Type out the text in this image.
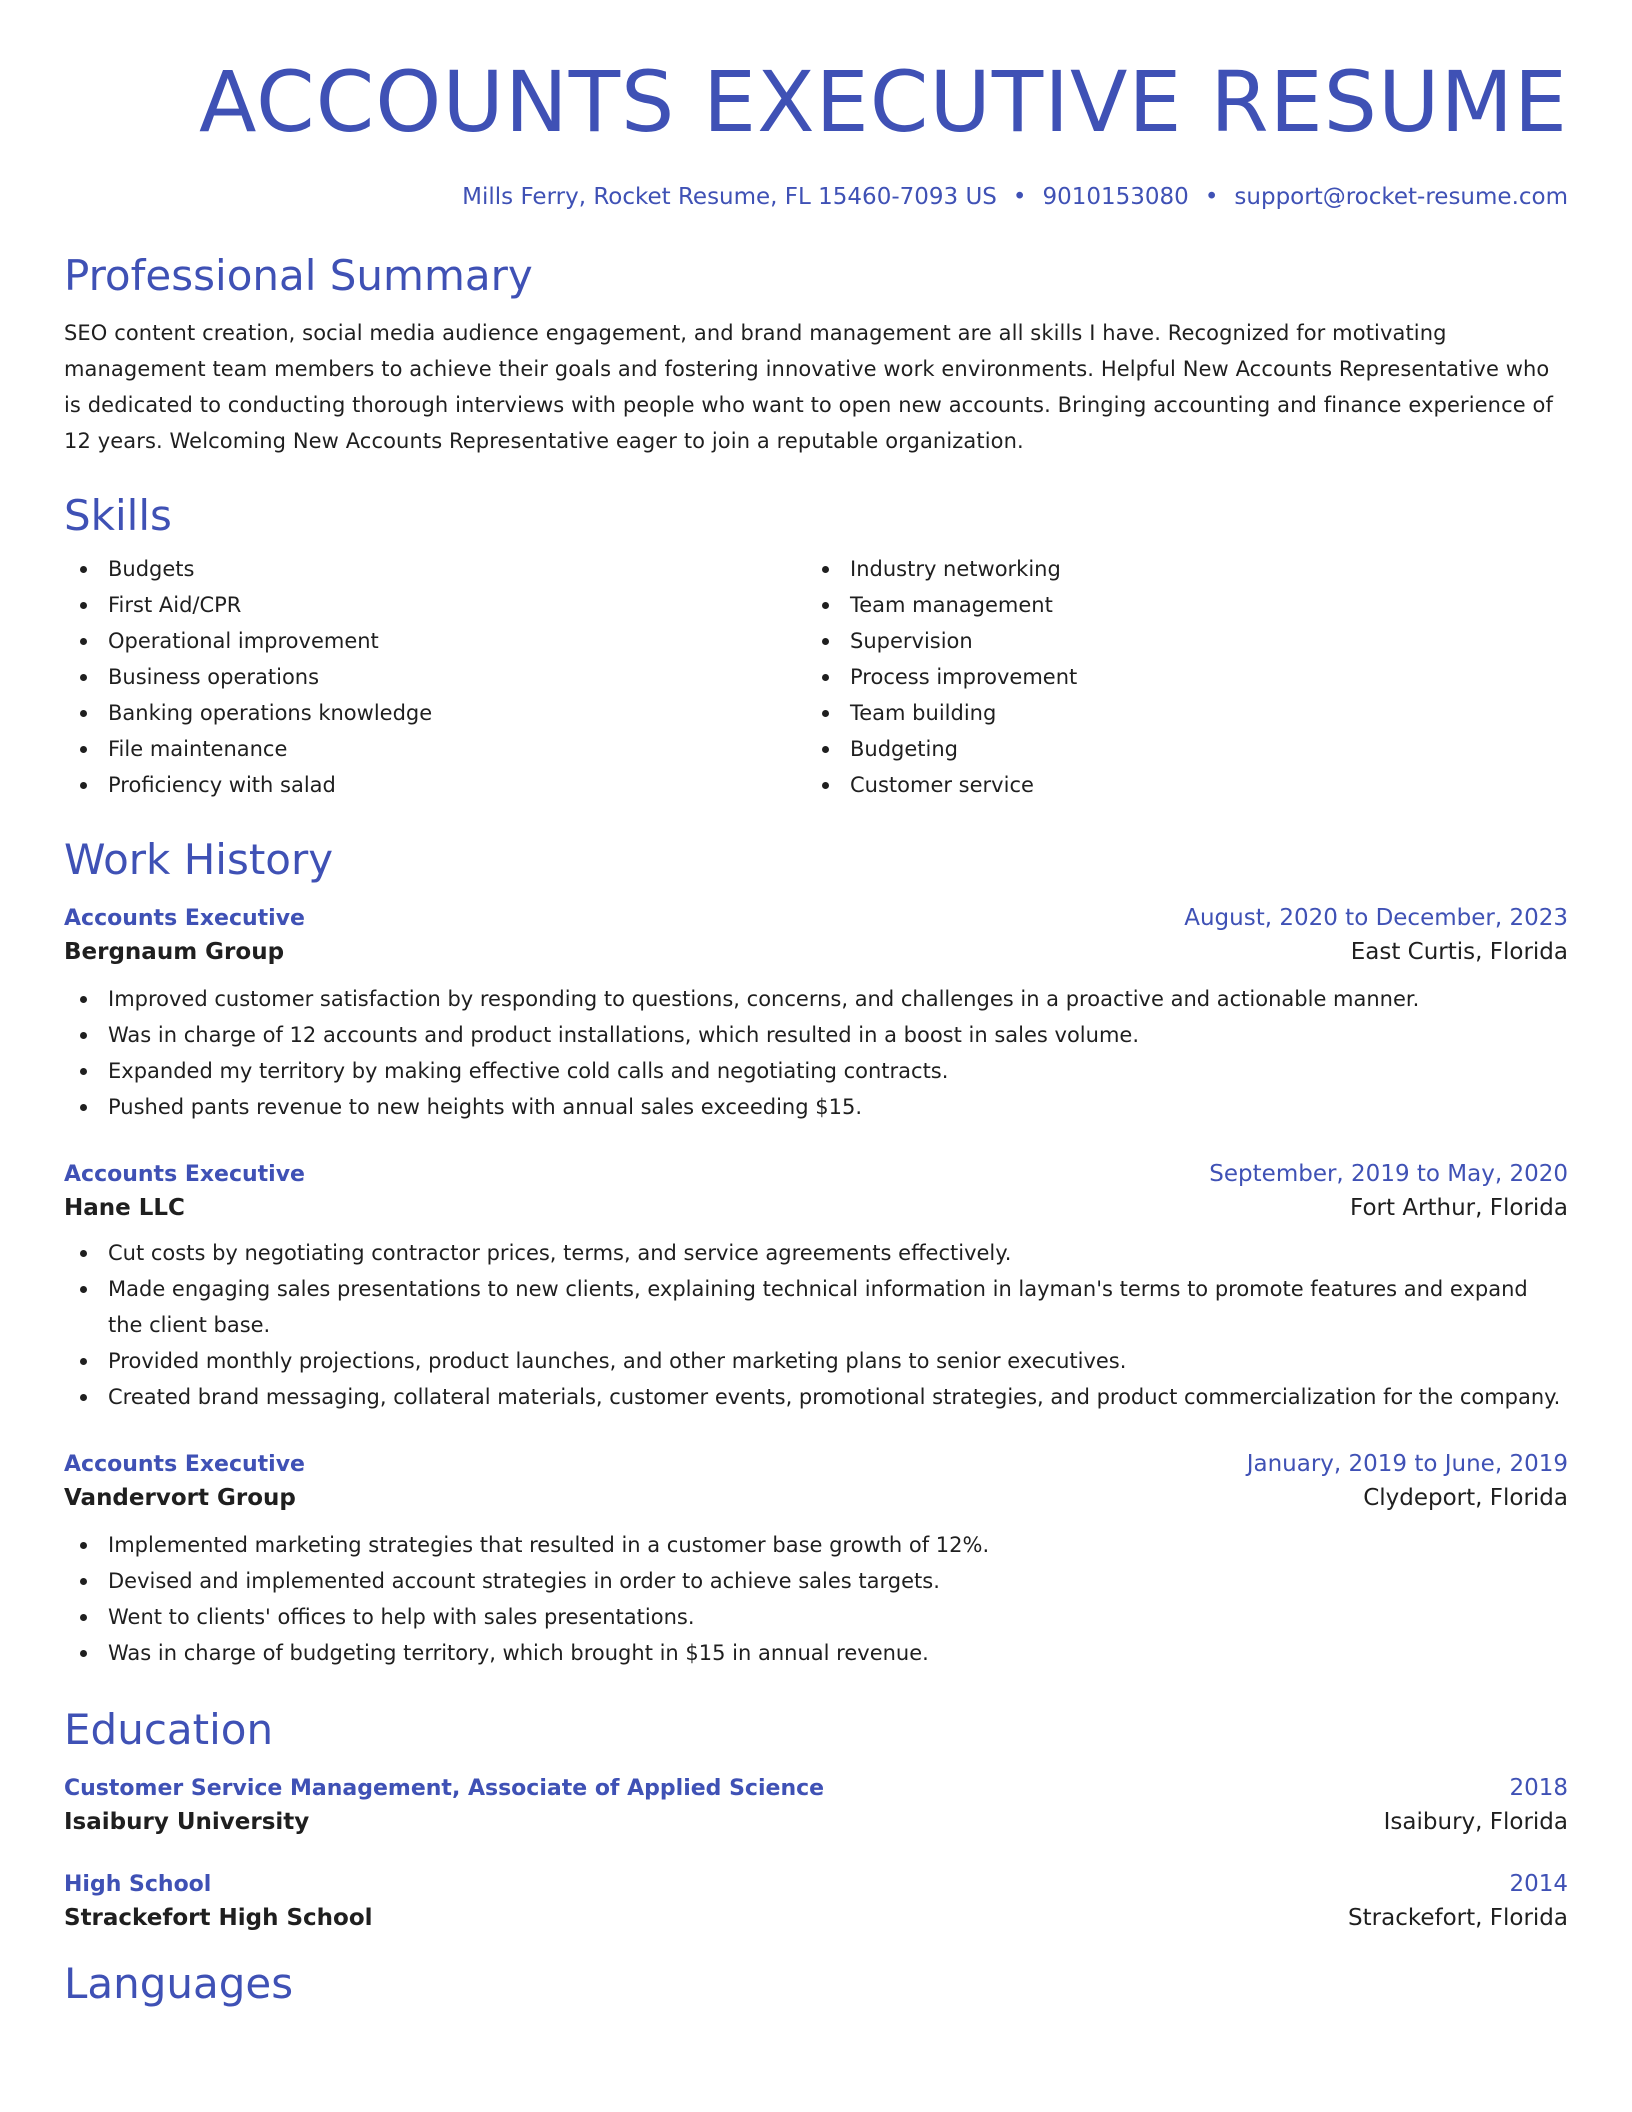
ACCOUNTS EXECUTIVE RESUME
Mills Ferry, Rocket Resume, FL 15460-7093 US • 9010153080 • support@rocket-resume.com
Professional Summary

SEO content creation, social media audience engagement, and brand management are all skills I have. Recognized for motivating management team members to achieve their goals and fostering innovative work environments. Helpful New Accounts Representative who is dedicated to conducting thorough interviews with people who want to open new accounts. Bringing accounting and finance experience of 12 years. Welcoming New Accounts Representative eager to join a reputable organization.

Skills
Budgets
First Aid/CPR
Operational improvement
Business operations
Banking operations knowledge
File maintenance
Proficiency with salad
Industry networking
Team management
Supervision
Process improvement
Team building
Budgeting
Customer service
Work History
Accounts Executive	August, 2020 to December, 2023
Bergnaum Group	East Curtis, Florida
Improved customer satisfaction by responding to questions, concerns, and challenges in a proactive and actionable manner.
Was in charge of 12 accounts and product installations, which resulted in a boost in sales volume.
Expanded my territory by making effective cold calls and negotiating contracts.
Pushed pants revenue to new heights with annual sales exceeding $15.
Accounts Executive	September, 2019 to May, 2020
Hane LLC	Fort Arthur, Florida
Cut costs by negotiating contractor prices, terms, and service agreements effectively.
Made engaging sales presentations to new clients, explaining technical information in layman's terms to promote features and expand the client base.
Provided monthly projections, product launches, and other marketing plans to senior executives.
Created brand messaging, collateral materials, customer events, promotional strategies, and product commercialization for the company.
Accounts Executive	January, 2019 to June, 2019
Vandervort Group	Clydeport, Florida
Implemented marketing strategies that resulted in a customer base growth of 12%.
Devised and implemented account strategies in order to achieve sales targets.
Went to clients' offices to help with sales presentations.
Was in charge of budgeting territory, which brought in $15 in annual revenue.
Education
Customer Service Management, Associate of Applied Science	2018
Isaibury University	Isaibury, Florida
High School	2014
Strackefort High School	Strackefort, Florida
Languages
